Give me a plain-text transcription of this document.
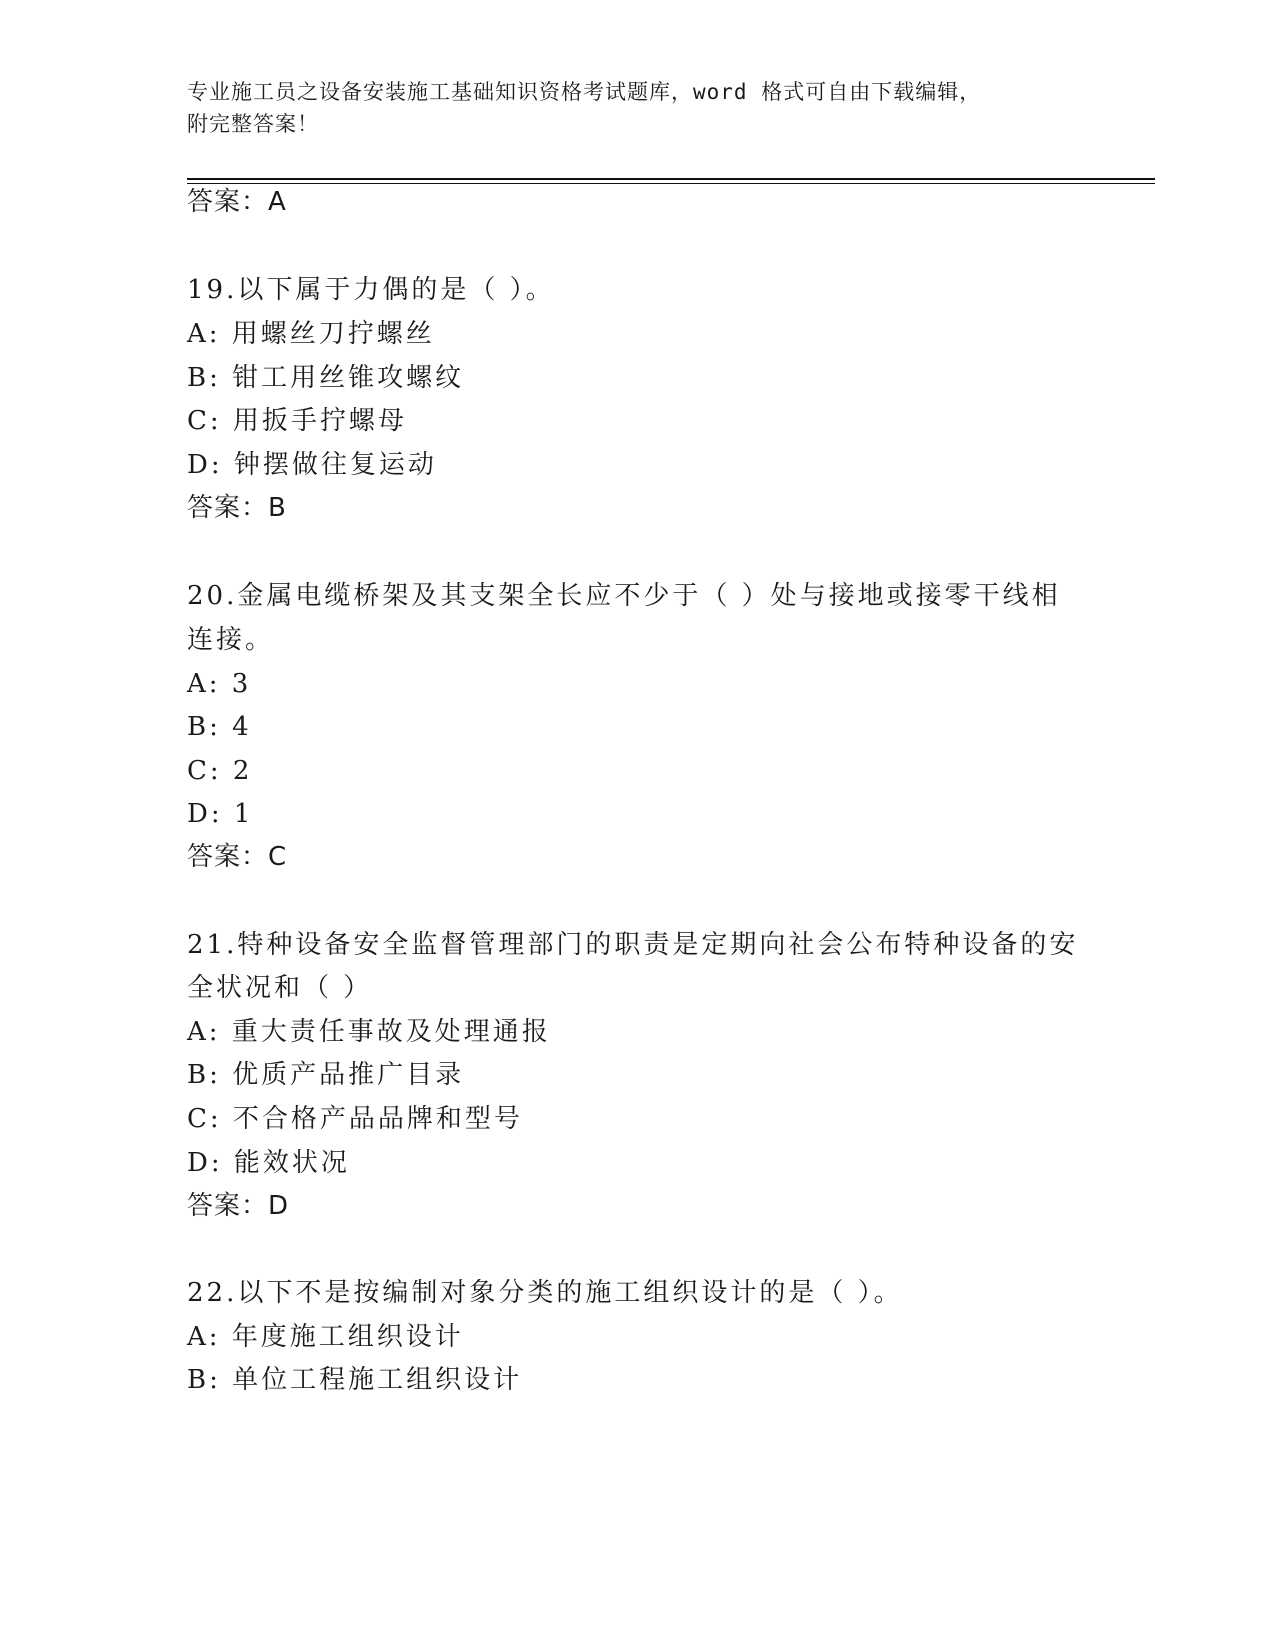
专业施工员之设备安装施工基础知识资格考试题库，word 格式可自由下载编辑，
附完整答案！
答案：A
19.以下属于力偶的是（ ）。
A: 用螺丝刀拧螺丝
B: 钳工用丝锥攻螺纹
C: 用扳手拧螺母
D: 钟摆做往复运动
答案：B
20.金属电缆桥架及其支架全长应不少于（ ）处与接地或接零干线相
连接。
A: 3
B: 4
C: 2
D: 1
答案：C
21.特种设备安全监督管理部门的职责是定期向社会公布特种设备的安
全状况和（ ）
A: 重大责任事故及处理通报
B: 优质产品推广目录
C: 不合格产品品牌和型号
D: 能效状况
答案：D
22.以下不是按编制对象分类的施工组织设计的是（ ）。
A: 年度施工组织设计
B: 单位工程施工组织设计
